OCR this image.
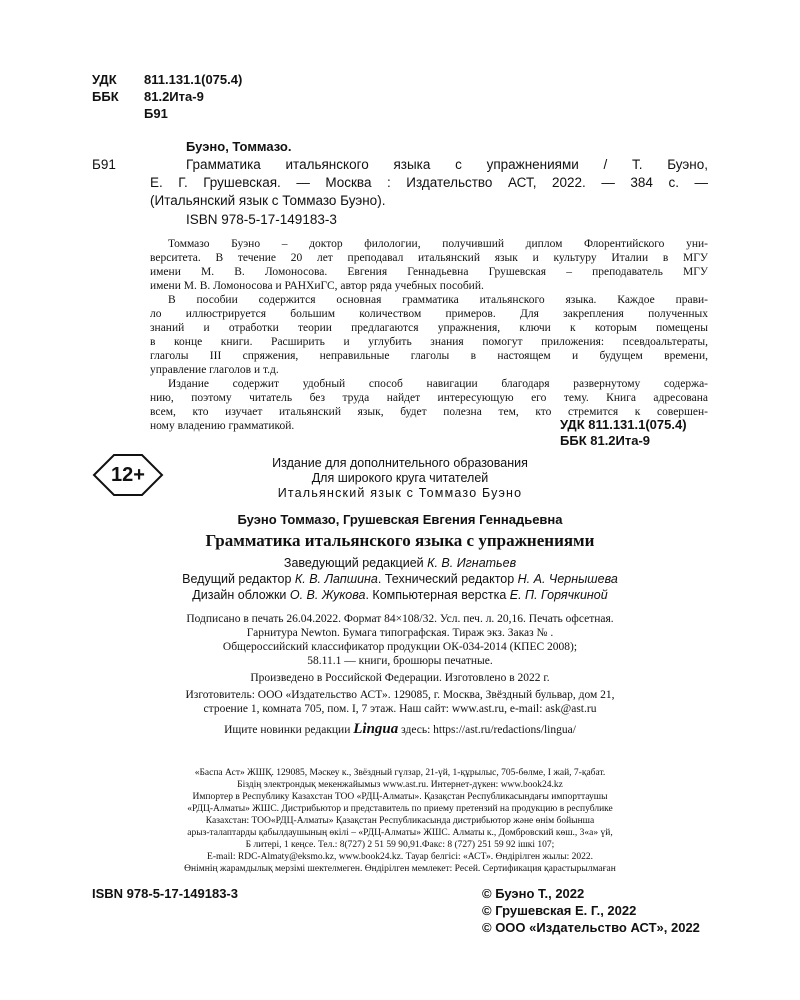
УДК 811.131.1(075.4)
ББК 81.2Ита-9
Б91
Буэно, Томмазо.
Б91	Грамматика итальянского языка с упражнениями / Т. Буэно,
Е. Г. Грушевская. — Москва : Издательство АСТ, 2022. — 384 с. —
(Итальянский язык с Томмазо Буэно).
ISBN 978-5-17-149183-3
Томмазо Буэно – доктор филологии, получивший диплом Флорентийского уни-
верситета. В течение 20 лет преподавал итальянский язык и культуру Италии в МГУ
имени М. В. Ломоносова. Евгения Геннадьевна Грушевская – преподаватель МГУ
имени М. В. Ломоносова и РАНХиГС, автор ряда учебных пособий.
В пособии содержится основная грамматика итальянского языка. Каждое прави-
ло иллюстрируется большим количеством примеров. Для закрепления полученных
знаний и отработки теории предлагаются упражнения, ключи к которым помещены
в конце книги. Расширить и углубить знания помогут приложения: псевдоальтераты,
глаголы III спряжения, неправильные глаголы в настоящем и будущем времени,
управление глаголов и т.д.
Издание содержит удобный способ навигации благодаря развернутому содержа-
нию, поэтому читатель без труда найдет интересующую его тему. Книга адресована
всем, кто изучает итальянский язык, будет полезна тем, кто стремится к совершен-
ному владению грамматикой.	УДК 811.131.1(075.4)
ББК 81.2Ита-9
12+
Издание для дополнительного образования
Для широкого круга читателей
Итальянский язык с Томмазо Буэно
Буэно Томмазо, Грушевская Евгения Геннадьевна
Грамматика итальянского языка с упражнениями
Заведующий редакцией К. В. Игнатьев
Ведущий редактор К. В. Лапшина. Технический редактор Н. А. Чернышева
Дизайн обложки О. В. Жукова. Компьютерная верстка Е. П. Горячкиной
Подписано в печать 26.04.2022. Формат 84×108/32. Усл. печ. л. 20,16. Печать офсетная.
Гарнитура Newton. Бумага типографская. Тираж экз. Заказ № .
Общероссийский классификатор продукции ОК-034-2014 (КПЕС 2008);
58.11.1 — книги, брошюры печатные.
Произведено в Российской Федерации. Изготовлено в 2022 г.
Изготовитель: ООО «Издательство АСТ». 129085, г. Москва, Звёздный бульвар, дом 21,
строение 1, комната 705, пом. I, 7 этаж. Наш сайт: www.ast.ru, e-mail: ask@ast.ru
Ищите новинки редакции Lingua здесь: https://ast.ru/redactions/lingua/
«Баспа Аст» ЖШҚ. 129085, Мәскеу к., Звёздный гүлзар, 21-үй, 1-құрылыс, 705-бөлме, I жай, 7-қабат.
Біздің электрондық мекенжайымыз www.ast.ru. Интернет-дүкен: www.book24.kz
Импортер в Республику Казахстан ТОО «РДЦ-Алматы». Қазақстан Республикасындағы импорттаушы
«РДЦ-Алматы» ЖШС. Дистрибьютор и представитель по приему претензий на продукцию в республике
Казахстан: ТОО«РДЦ-Алматы» Қазақстан Республикасында дистрибьютор және өнім бойынша
арыз-талаптарды қабылдаушының өкілі – «РДЦ-Алматы» ЖШС. Алматы к., Домбровский көш., 3«а» үй,
Б литері, 1 кеңсе. Тел.: 8(727) 2 51 59 90,91.Факс: 8 (727) 251 59 92 ішкі 107;
E-mail: RDC-Almaty@eksmo.kz, www.book24.kz. Тауар белгісі: «АСТ». Өндірілген жылы: 2022.
Өнімнің жарамдылық мерзімі шектелмеген. Өндірілген мемлекет: Ресей. Сертификация қарастырылмаған
ISBN 978-5-17-149183-3	© Буэно Т., 2022
© Грушевская Е. Г., 2022
© ООО «Издательство АСТ», 2022
